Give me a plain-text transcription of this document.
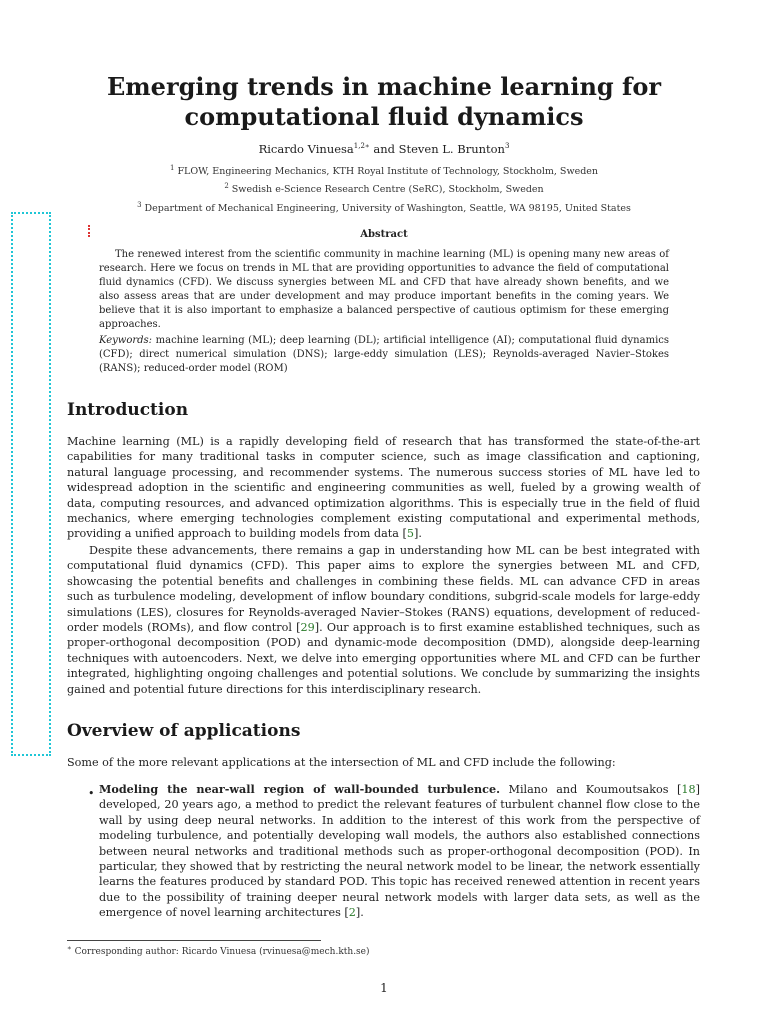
Emerging trends in machine learning for
computational fluid dynamics
Ricardo Vinuesa$^{1,2∗}$ and Steven L. Brunton$^3$
$^1$ FLOW, Engineering Mechanics, KTH Royal Institute of Technology, Stockholm, Sweden
$^2$ Swedish e-Science Research Centre (SeRC), Stockholm, Sweden
$^3$ Department of Mechanical Engineering, University of Washington, Seattle, WA 98195, United States
Abstract
The renewed interest from the scientific community in machine learning (ML) is opening many new areas of research. Here we focus on trends in ML that are providing opportunities to advance the field of computational fluid dynamics (CFD). We discuss synergies between ML and CFD that have already shown benefits, and we also assess areas that are under development and may produce important benefits in the coming years. We believe that it is also important to emphasize a balanced perspective of cautious optimism for these emerging approaches.
Keywords: machine learning (ML); deep learning (DL); artificial intelligence (AI); computational fluid dynamics (CFD); direct numerical simulation (DNS); large-eddy simulation (LES); Reynolds-averaged Navier–Stokes (RANS); reduced-order model (ROM)
Introduction

Machine learning (ML) is a rapidly developing field of research that has transformed the state-of-the-art capabilities for many traditional tasks in computer science, such as image classification and captioning, natural language processing, and recommender systems. The numerous success stories of ML have led to widespread adoption in the scientific and engineering communities as well, fueled by a growing wealth of data, computing resources, and advanced optimization algorithms. This is especially true in the field of fluid mechanics, where emerging technologies complement existing computational and experimental methods, providing a unified approach to building models from data [5].

Despite these advancements, there remains a gap in understanding how ML can be best integrated with computational fluid dynamics (CFD). This paper aims to explore the synergies between ML and CFD, showcasing the potential benefits and challenges in combining these fields. ML can advance CFD in areas such as turbulence modeling, development of inflow boundary conditions, subgrid-scale models for large-eddy simulations (LES), closures for Reynolds-averaged Navier–Stokes (RANS) equations, development of reduced-order models (ROMs), and flow control [29]. Our approach is to first examine established techniques, such as proper-orthogonal decomposition (POD) and dynamic-mode decomposition (DMD), alongside deep-learning techniques with autoencoders. Next, we delve into emerging opportunities where ML and CFD can be further integrated, highlighting ongoing challenges and potential solutions. We conclude by summarizing the insights gained and potential future directions for this interdisciplinary research.

Overview of applications

Some of the more relevant applications at the intersection of ML and CFD include the following:

• Modeling the near-wall region of wall-bounded turbulence. Milano and Koumoutsakos [18] developed, 20 years ago, a method to predict the relevant features of turbulent channel flow close to the wall by using deep neural networks. In addition to the interest of this work from the perspective of modeling turbulence, and potentially developing wall models, the authors also established connections between neural networks and traditional methods such as proper-orthogonal decomposition (POD). In particular, they showed that by restricting the neural network model to be linear, the network essentially learns the features produced by standard POD. This topic has received renewed attention in recent years due to the possibility of training deeper neural network models with larger data sets, as well as the emergence of novel learning architectures [2].
∗ Corresponding author: Ricardo Vinuesa (rvinuesa@mech.kth.se)
1
